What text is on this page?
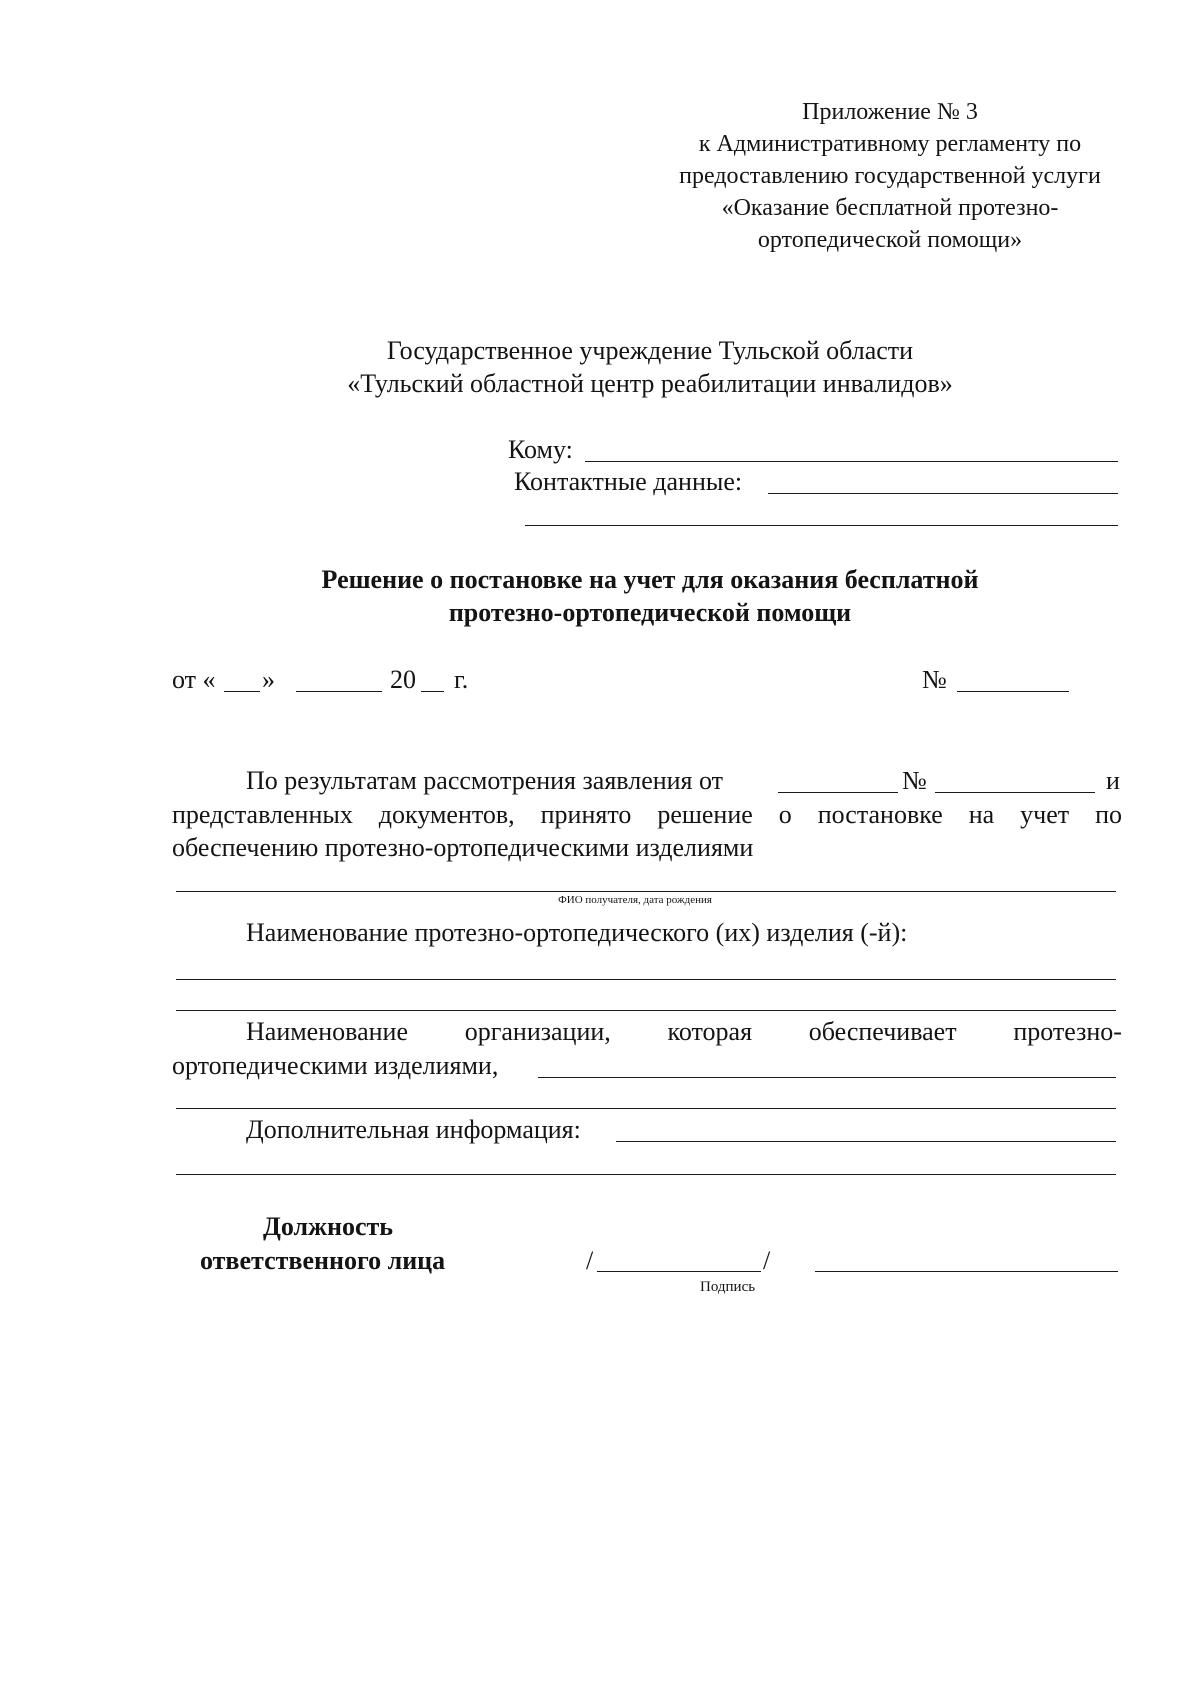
Приложение № 3
к Административному регламенту по
предоставлению государственной услуги
«Оказание бесплатной протезно-
ортопедической помощи»
Государственное учреждение Тульской области
«Тульский областной центр реабилитации инвалидов»
Кому:
Контактные данные:
Решение о постановке на учет для оказания бесплатной
протезно-ортопедической помощи
от « »	20 г.	№
По результатам рассмотрения заявления от	№	и
представленных документов, принято решение о постановке на учет по
обеспечению протезно-ортопедическими изделиями
ФИО получателя, дата рождения
Наименование протезно-ортопедического (их) изделия (-й):
Наименование организации, которая обеспечивает протезно-
ортопедическими изделиями,
Дополнительная информация:
Должность
ответственного лица	/	/
Подпись
